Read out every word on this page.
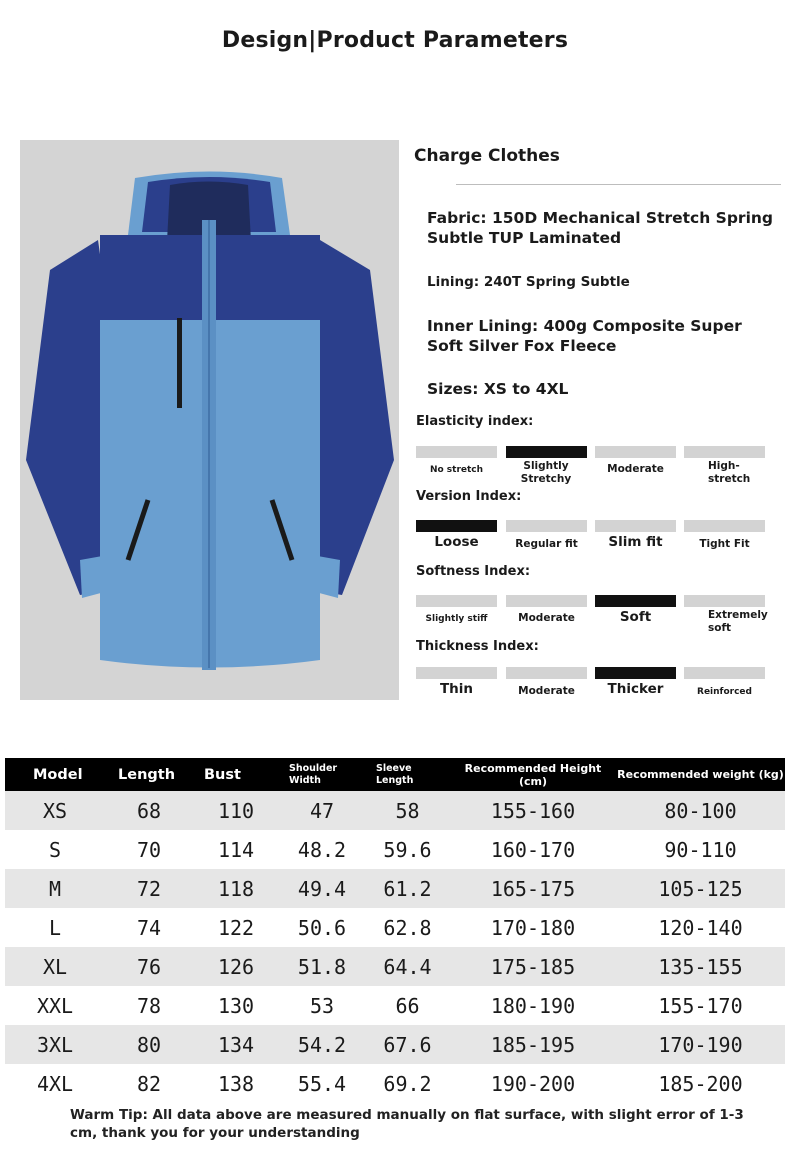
Design|Product Parameters
Charge Clothes
Fabric: 150D Mechanical Stretch Spring Subtle TUP Laminated
Lining: 240T Spring Subtle
Inner Lining: 400g Composite Super Soft Silver Fox Fleece
Sizes: XS to 4XL
Elasticity index:
No stretch	Slightly Stretchy
Moderate	High-stretch
Version Index:
Loose	Regular fit	Slim fit	Tight Fit
Softness Index:
Slightly stiff	Moderate	Soft	Extremely soft
Thickness Index:
Thin	Moderate	Thicker	Reinforced
Model	Length	Bust	Shoulder Width	Sleeve Length	Recommended Height (cm)	Recommended weight (kg)
XS	68	110	47	58	155-160	80-100
S	70	114	48.2	59.6	160-170	90-110
M	72	118	49.4	61.2	165-175	105-125
L	74	122	50.6	62.8	170-180	120-140
XL	76	126	51.8	64.4	175-185	135-155
XXL	78	130	53	66	180-190	155-170
3XL	80	134	54.2	67.6	185-195	170-190
4XL	82	138	55.4	69.2	190-200	185-200
Warm Tip: All data above are measured manually on flat surface, with slight error of 1-3 cm, thank you for your understanding
